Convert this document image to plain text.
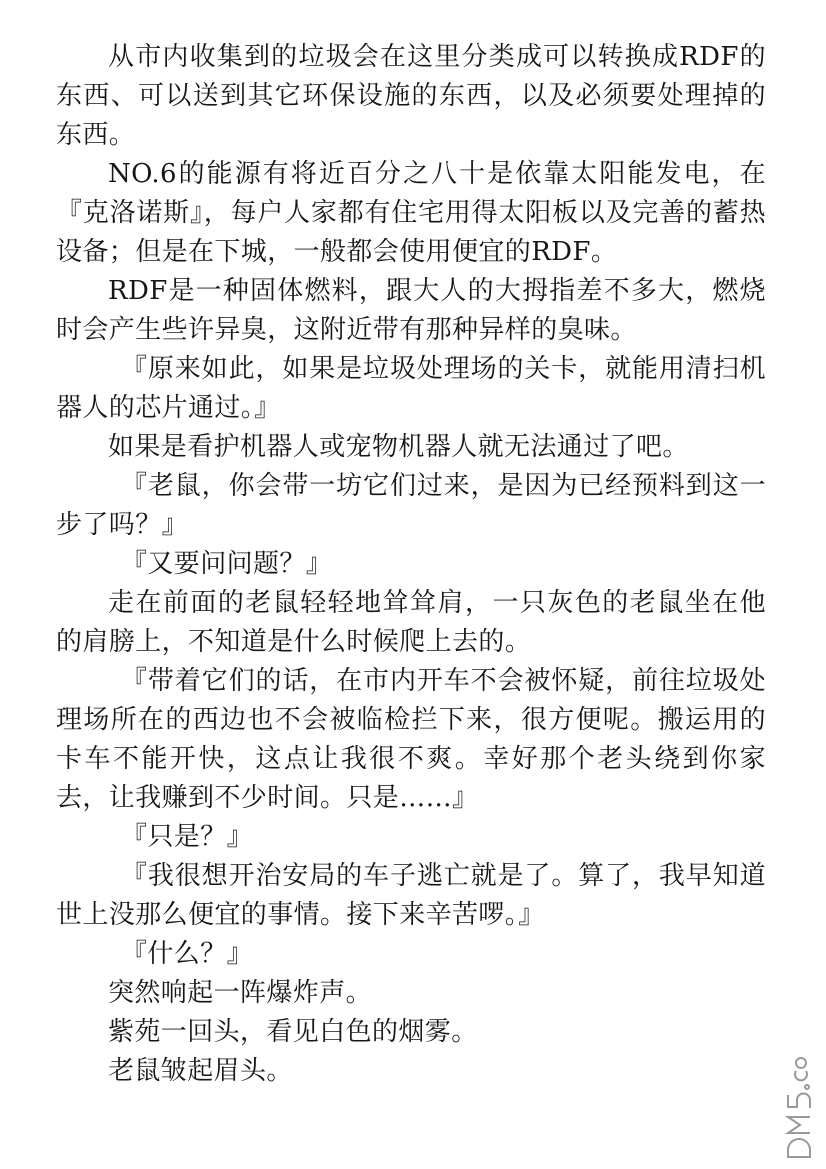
从市内收集到的垃圾会在这里分类成可以转换成RDF的东西、可以送到其它环保设施的东西，以及必须要处理掉的东西。

NO.6的能源有将近百分之八十是依靠太阳能发电，在『克洛诺斯』，每户人家都有住宅用得太阳板以及完善的蓄热设备；但是在下城，一般都会使用便宜的RDF。

RDF是一种固体燃料，跟大人的大拇指差不多大，燃烧时会产生些许异臭，这附近带有那种异样的臭味。

『原来如此，如果是垃圾处理场的关卡，就能用清扫机器人的芯片通过。』

如果是看护机器人或宠物机器人就无法通过了吧。

『老鼠，你会带一坊它们过来，是因为已经预料到这一步了吗？』

『又要问问题？』

走在前面的老鼠轻轻地耸耸肩，一只灰色的老鼠坐在他的肩膀上，不知道是什么时候爬上去的。

『带着它们的话，在市内开车不会被怀疑，前往垃圾处理场所在的西边也不会被临检拦下来，很方便呢。搬运用的卡车不能开快，这点让我很不爽。幸好那个老头绕到你家去，让我赚到不少时间。只是……』

『只是？』

『我很想开治安局的车子逃亡就是了。算了，我早知道世上没那么便宜的事情。接下来辛苦啰。』

『什么？』

突然响起一阵爆炸声。

紫苑一回头，看见白色的烟雾。

老鼠皱起眉头。
